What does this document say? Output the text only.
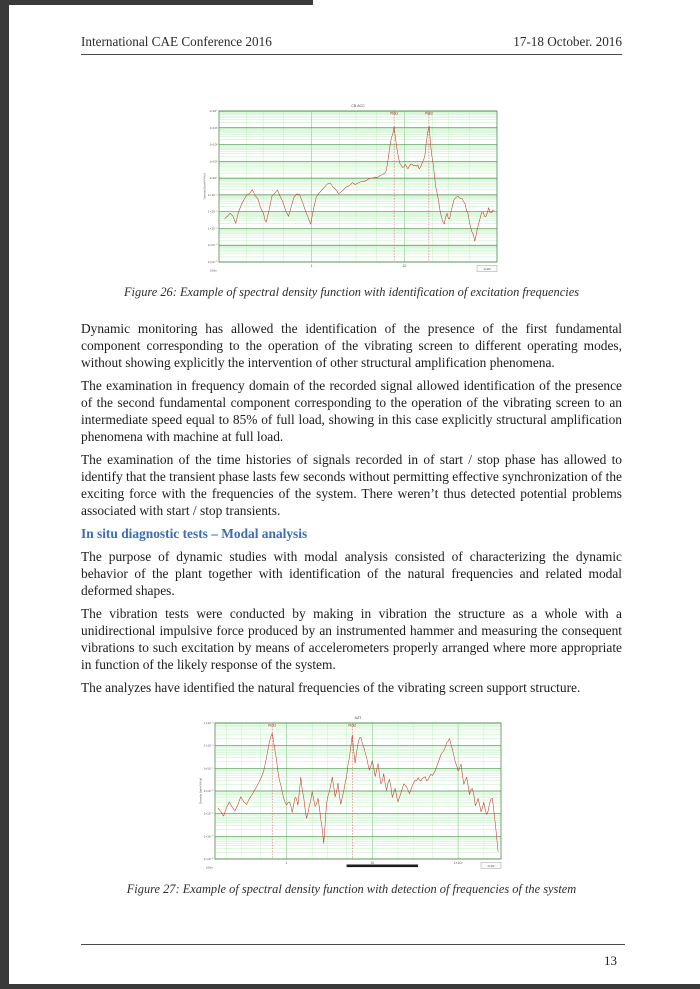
International CAE Conference 2016	17-18 October. 2016
1×10⁴
1×10³
1×10²
1×10¹
1×10⁰
1×10⁻¹
1×10⁻²
1×10⁻³
1×10⁻⁴
1×10⁻⁵
1	10
Pick1	Pick2
CB ACC
Density [(m/s²)²/Hz]
100m	1×10²
Figure 26: Example of spectral density function with identification of excitation frequencies

Dynamic monitoring has allowed the identification of the presence of the first fundamental component corresponding to the operation of the vibrating screen to different operating modes, without showing explicitly the intervention of other structural amplification phenomena.

The examination in frequency domain of the recorded signal allowed identification of the presence of the second fundamental component corresponding to the operation of the vibrating screen to an intermediate speed equal to 85% of full load, showing in this case explicitly structural amplification phenomena with machine at full load.

The examination of the time histories of signals recorded in of start / stop phase has allowed to identify that the transient phase lasts few seconds without permitting effective synchronization of the exciting force with the frequencies of the system. There weren’t thus detected potential problems associated with start / stop transients.

In situ diagnostic tests – Modal analysis

The purpose of dynamic studies with modal analysis consisted of characterizing the dynamic behavior of the plant together with identification of the natural frequencies and related modal deformed shapes.

The vibration tests were conducted by making in vibration the structure as a whole with a unidirectional impulsive force produced by an instrumented hammer and measuring the consequent vibrations to such excitation by means of accelerometers properly arranged where more appropriate in function of the likely response of the system.

The analyzes have identified the natural frequencies of the vibrating screen support structure.

1×10⁻²
1×10⁻³
1×10⁻⁴
1×10⁻⁵
1×10⁻⁶
1×10⁻⁷
1×10⁻⁸
1	10	1×10²
Pick1	Pick2
AZT
Density [(m/s²)²/Hz]
100m	1×10²
Figure 27: Example of spectral density function with detection of frequencies of the system
13
